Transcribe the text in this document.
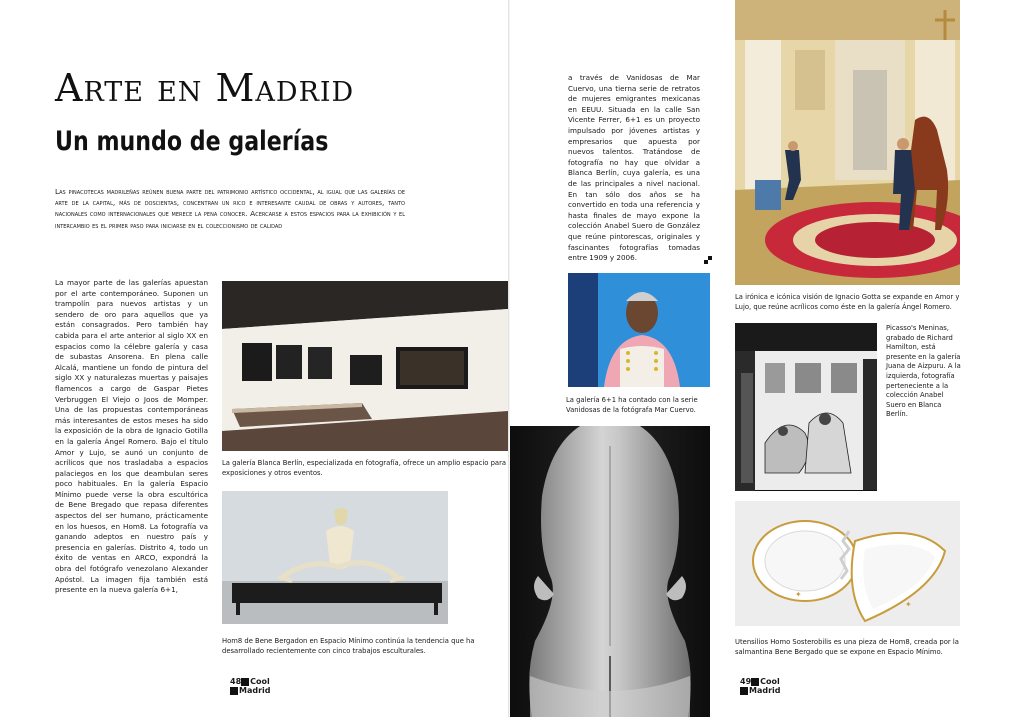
Arte en Madrid
Un mundo de galerías
Las pinacotecas madrileñas reúnen buena parte del patrimonio artístico occidental, al igual que las galerías de arte de la capital, más de doscientas, concentran un rico e interesante caudal de obras y autores, tanto nacionales como internacionales que merece la pena conocer. Acercarse a estos espacios para la exhibición y el intercambio es el primer paso para iniciarse en el coleccionismo de calidad
La mayor parte de las galerías apuestan por el arte contemporáneo. Suponen un trampolín para nuevos artistas y un sendero de oro para aquellos que ya están consagrados. Pero también hay cabida para el arte anterior al siglo XX en espacios como la célebre galería y casa de subastas Ansorena. En plena calle Alcalá, mantiene un fondo de pintura del siglo XX y naturalezas muertas y paisajes flamencos a cargo de Gaspar Pietes Verbruggen El Viejo o Joos de Momper. Una de las propuestas contemporáneas más interesantes de estos meses ha sido la exposición de la obra de Ignacio Gotilla en la galería Ángel Romero. Bajo el título Amor y Lujo, se aunó un conjunto de acrílicos que nos trasladaba a espacios palaciegos en los que deambulan seres poco habituales. En la galería Espacio Mínimo puede verse la obra escultórica de Bene Bregado que repasa diferentes aspectos del ser humano, prácticamente en los huesos, en Hom8. La fotografía va ganando adeptos en nuestro país y presencia en galerías. Distrito 4, todo un éxito de ventas en ARCO, expondrá la obra del fotógrafo venezolano Alexander Apóstol. La imagen fija también está presente en la nueva galería 6+1,
La galería Blanca Berlín, especializada en fotografía, ofrece un amplio espacio para exposiciones y otros eventos.
Hom8 de Bene Bergadon en Espacio Mínimo continúa la tendencia que ha desarrollado recientemente con cinco trabajos esculturales.
48 Cool
Madrid
a través de Vanidosas de Mar Cuervo, una tierna serie de retratos de mujeres emigrantes mexicanas en EEUU. Situada en la calle San Vicente Ferrer, 6+1 es un proyecto impulsado por jóvenes artistas y empresarios que apuesta por nuevos talentos. Tratándose de fotografía no hay que olvidar a Blanca Berlín, cuya galería, es una de las principales a nivel nacional. En tan sólo dos años se ha convertido en toda una referencia y hasta finales de mayo expone la colección Anabel Suero de González que reúne pintorescas, originales y fascinantes fotografías tomadas entre 1909 y 2006.
La galería 6+1 ha contado con la serie Vanidosas de la fotógrafa Mar Cuervo.
La irónica e icónica visión de Ignacio Gotta se expande en Amor y Lujo, que reúne acrílicos como éste en la galería Ángel Romero.
Picasso's Meninas, grabado de Richard Hamilton, está presente en la galería Juana de Aizpuru. A la izquierda, fotografía perteneciente a la colección Anabel Suero en Blanca Berlín.
✦
✦
Utensilios Homo Sosterobilis es una pieza de Hom8, creada por la salmantina Bene Bergado que se expone en Espacio Mínimo.
49 Cool
Madrid
